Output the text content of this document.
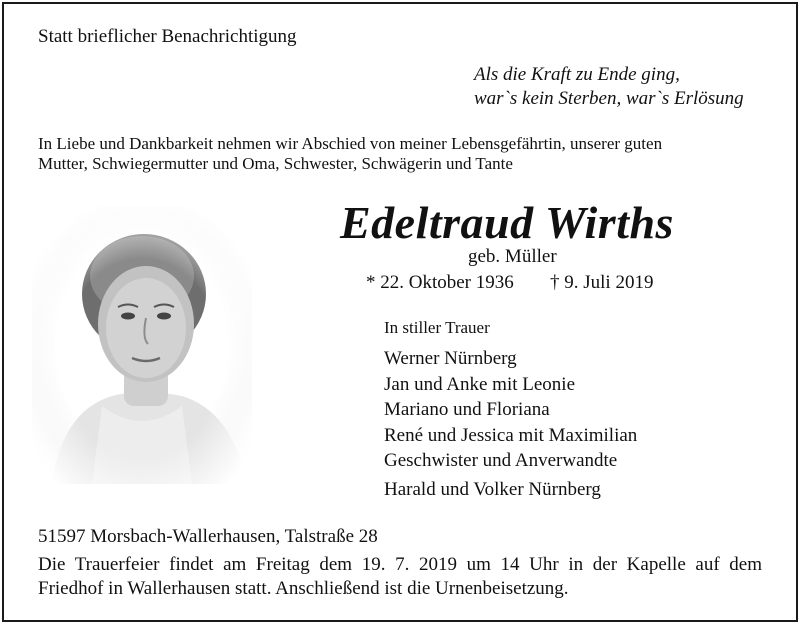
Statt brieflicher Benachrichtigung
Als die Kraft zu Ende ging,
war`s kein Sterben, war`s Erlösung
In Liebe und Dankbarkeit nehmen wir Abschied von meiner Lebensgefährtin, unserer guten
Mutter, Schwiegermutter und Oma, Schwester, Schwägerin und Tante
Edeltraud Wirths
geb. Müller
* 22. Oktober 1936 † 9. Juli 2019
In stiller Trauer
Werner Nürnberg
Jan und Anke mit Leonie
Mariano und Floriana
René und Jessica mit Maximilian
Geschwister und Anverwandte
Harald und Volker Nürnberg
51597 Morsbach-Wallerhausen, Talstraße 28
Die Trauerfeier findet am Freitag dem 19. 7. 2019 um 14 Uhr in der Kapelle auf dem
Friedhof in Wallerhausen statt. Anschließend ist die Urnenbeisetzung.
